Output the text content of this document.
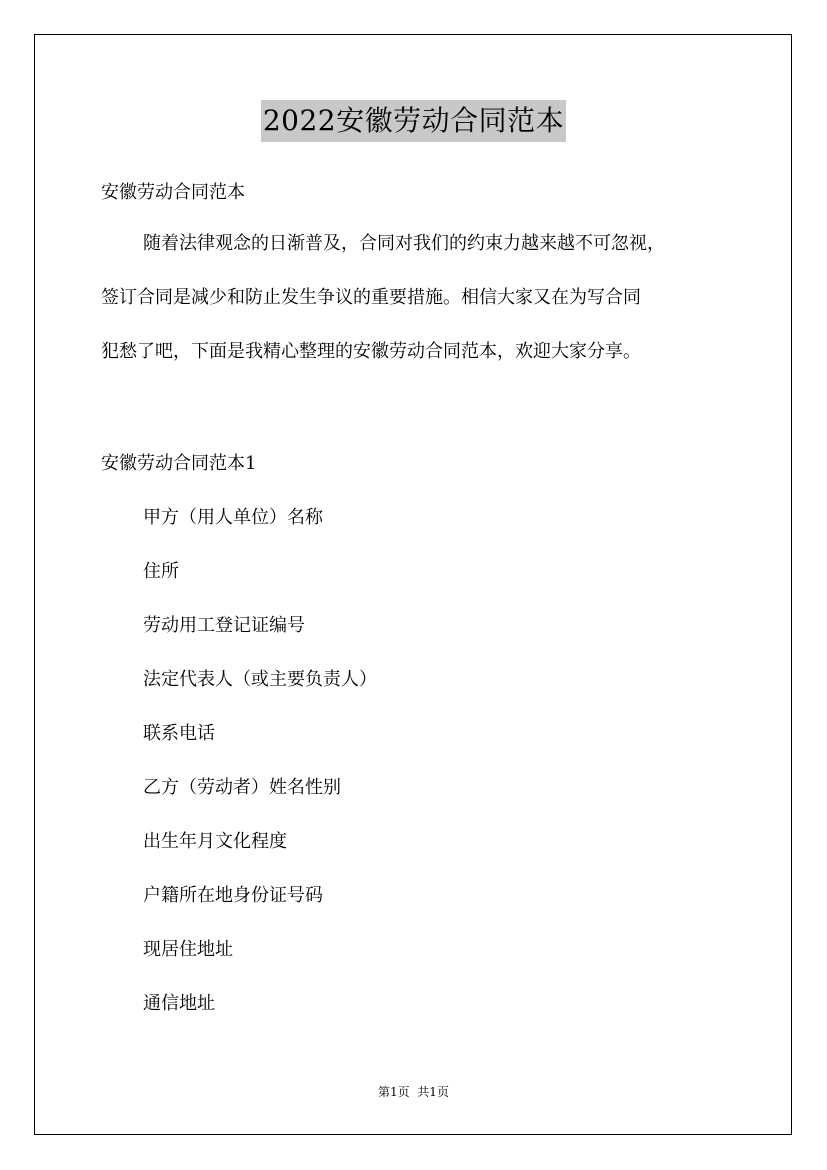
2022安徽劳动合同范本
安徽劳动合同范本
随着法律观念的日渐普及，合同对我们的约束力越来越不可忽视，
签订合同是减少和防止发生争议的重要措施。相信大家又在为写合同
犯愁了吧，下面是我精心整理的安徽劳动合同范本，欢迎大家分享。
安徽劳动合同范本1
甲方（用人单位）名称
住所
劳动用工登记证编号
法定代表人（或主要负责人）
联系电话
乙方（劳动者）姓名性别
出生年月文化程度
户籍所在地身份证号码
现居住地址
通信地址
第1页  共1页
